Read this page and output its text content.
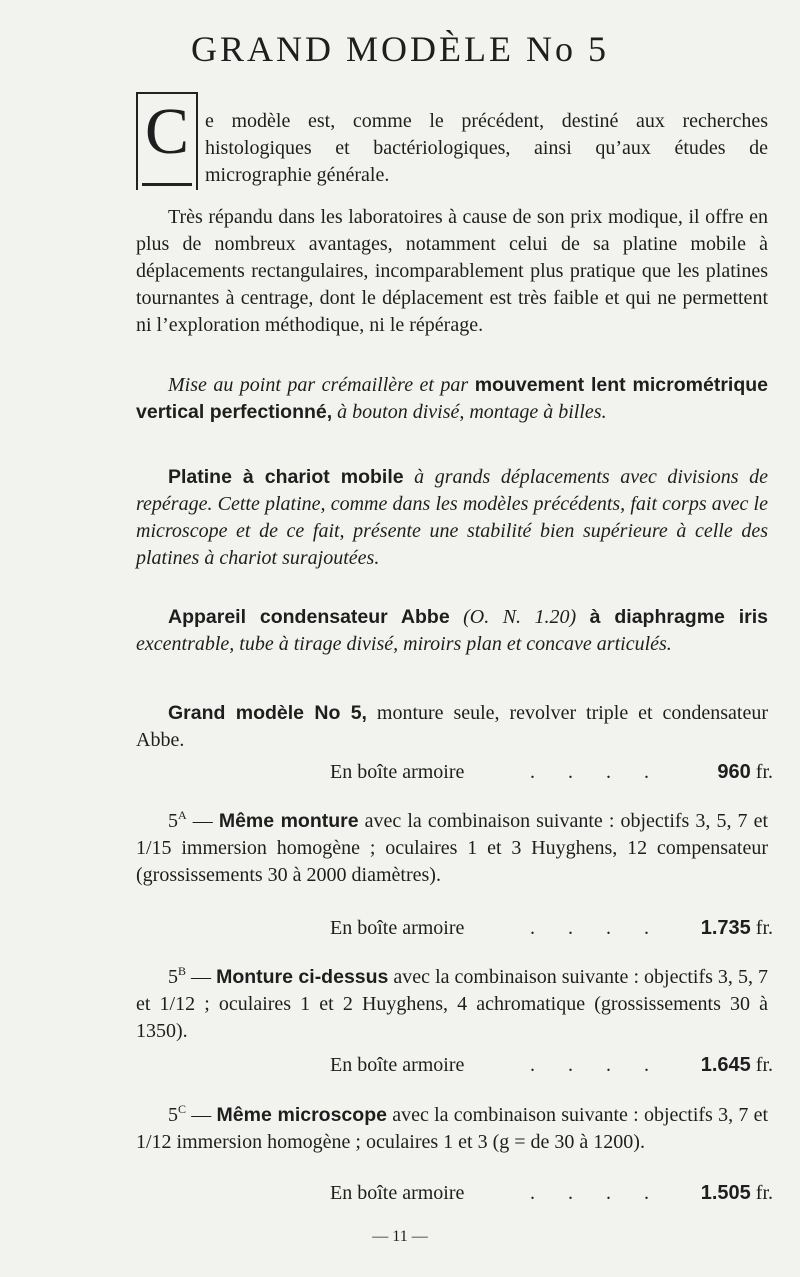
GRAND MODÈLE No 5
C e modèle est, comme le précédent, destiné aux recherches histologiques et bactériologiques, ainsi qu’aux études de micrographie générale.

Très répandu dans les laboratoires à cause de son prix modique, il offre en plus de nombreux avantages, notamment celui de sa platine mobile à déplacements rectangulaires, incomparablement plus pratique que les platines tournantes à centrage, dont le déplacement est très faible et qui ne permettent ni l’exploration méthodique, ni le répérage.

Mise au point par crémaillère et par mouvement lent micrométrique vertical perfectionné, à bouton divisé, montage à billes.

Platine à chariot mobile à grands déplacements avec divisions de repérage. Cette platine, comme dans les modèles précédents, fait corps avec le microscope et de ce fait, présente une stabilité bien supérieure à celle des platines à chariot surajoutées.

Appareil condensateur Abbe (O. N. 1.20) à diaphragme iris excentrable, tube à tirage divisé, miroirs plan et concave articulés.

Grand modèle No 5, monture seule, revolver triple et condensateur Abbe.

En boîte armoire	. . . .	960 fr.

$5^A$ — Même monture avec la combinaison suivante : objectifs 3, 5, 7 et 1/15 immersion homogène ; oculaires 1 et 3 Huyghens, 12 compensateur (grossissements 30 à 2000 diamètres).

En boîte armoire	. . . . 1.735 fr.

$5^B$ — Monture ci-dessus avec la combinaison suivante : objectifs 3, 5, 7 et 1/12 ; oculaires 1 et 2 Huyghens, 4 achromatique (grossissements 30 à 1350).

En boîte armoire	. . . . 1.645 fr.

$5^C$ — Même microscope avec la combinaison suivante : objectifs 3, 7 et 1/12 immersion homogène ; oculaires 1 et 3 (g = de 30 à 1200).

En boîte armoire	. . . . 1.505 fr.
— 11 —
